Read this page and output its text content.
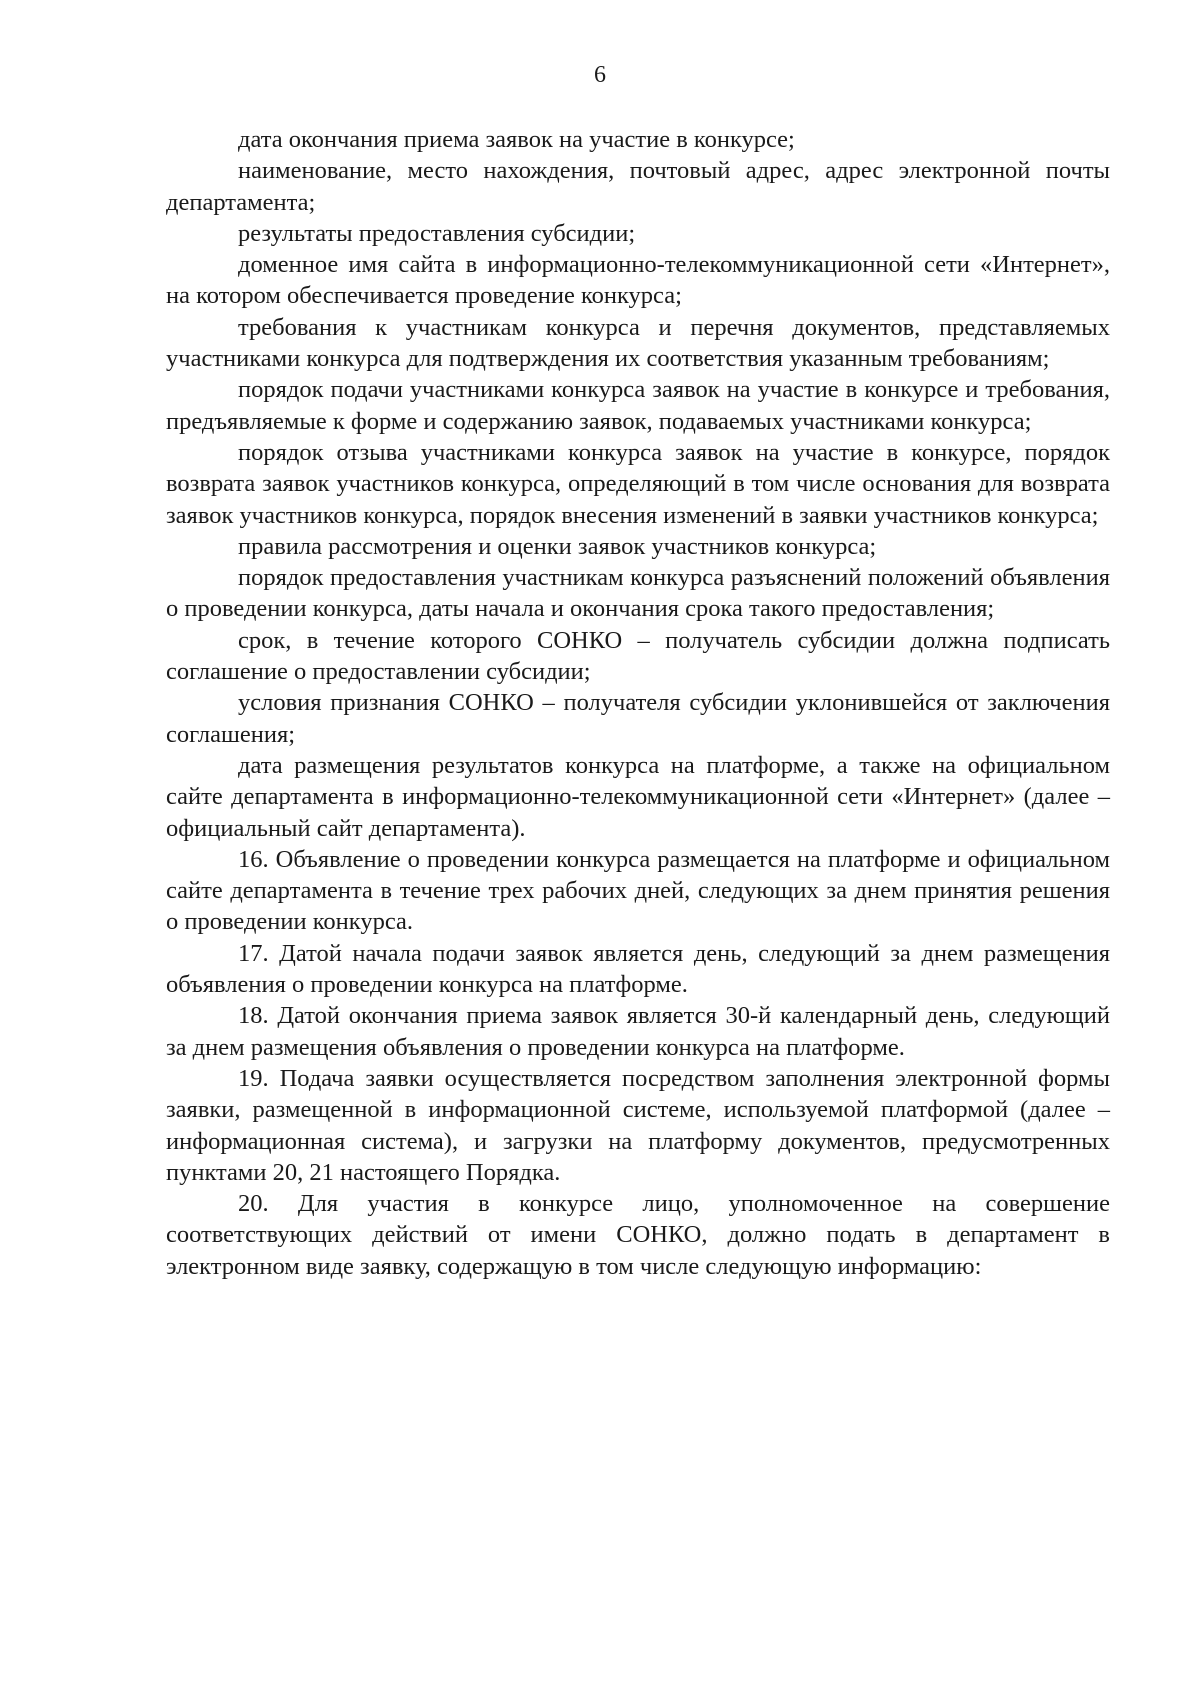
6

дата окончания приема заявок на участие в конкурсе;

наименование, место нахождения, почтовый адрес, адрес электронной почты департамента;

результаты предоставления субсидии;

доменное имя сайта в информационно-телекоммуникационной сети «Интернет», на котором обеспечивается проведение конкурса;

требования к участникам конкурса и перечня документов, представляемых участниками конкурса для подтверждения их соответствия указанным требованиям;

порядок подачи участниками конкурса заявок на участие в конкурсе и требования, предъявляемые к форме и содержанию заявок, подаваемых участниками конкурса;

порядок отзыва участниками конкурса заявок на участие в конкурсе, порядок возврата заявок участников конкурса, определяющий в том числе основания для возврата заявок участников конкурса, порядок внесения изменений в заявки участников конкурса;

правила рассмотрения и оценки заявок участников конкурса;

порядок предоставления участникам конкурса разъяснений положений объявления о проведении конкурса, даты начала и окончания срока такого предоставления;

срок, в течение которого СОНКО – получатель субсидии должна подписать соглашение о предоставлении субсидии;

условия признания СОНКО – получателя субсидии уклонившейся от заключения соглашения;

дата размещения результатов конкурса на платформе, а также на официальном сайте департамента в информационно-телекоммуникационной сети «Интернет» (далее – официальный сайт департамента).

16. Объявление о проведении конкурса размещается на платформе и официальном сайте департамента в течение трех рабочих дней, следующих за днем принятия решения о проведении конкурса.

17. Датой начала подачи заявок является день, следующий за днем размещения объявления о проведении конкурса на платформе.

18. Датой окончания приема заявок является 30-й календарный день, следующий за днем размещения объявления о проведении конкурса на платформе.

19. Подача заявки осуществляется посредством заполнения электронной формы заявки, размещенной в информационной системе, используемой платформой (далее – информационная система), и загрузки на платформу документов, предусмотренных пунктами 20, 21 настоящего Порядка.

20. Для участия в конкурсе лицо, уполномоченное на совершение соответствующих действий от имени СОНКО, должно подать в департамент в электронном виде заявку, содержащую в том числе следующую информацию:
